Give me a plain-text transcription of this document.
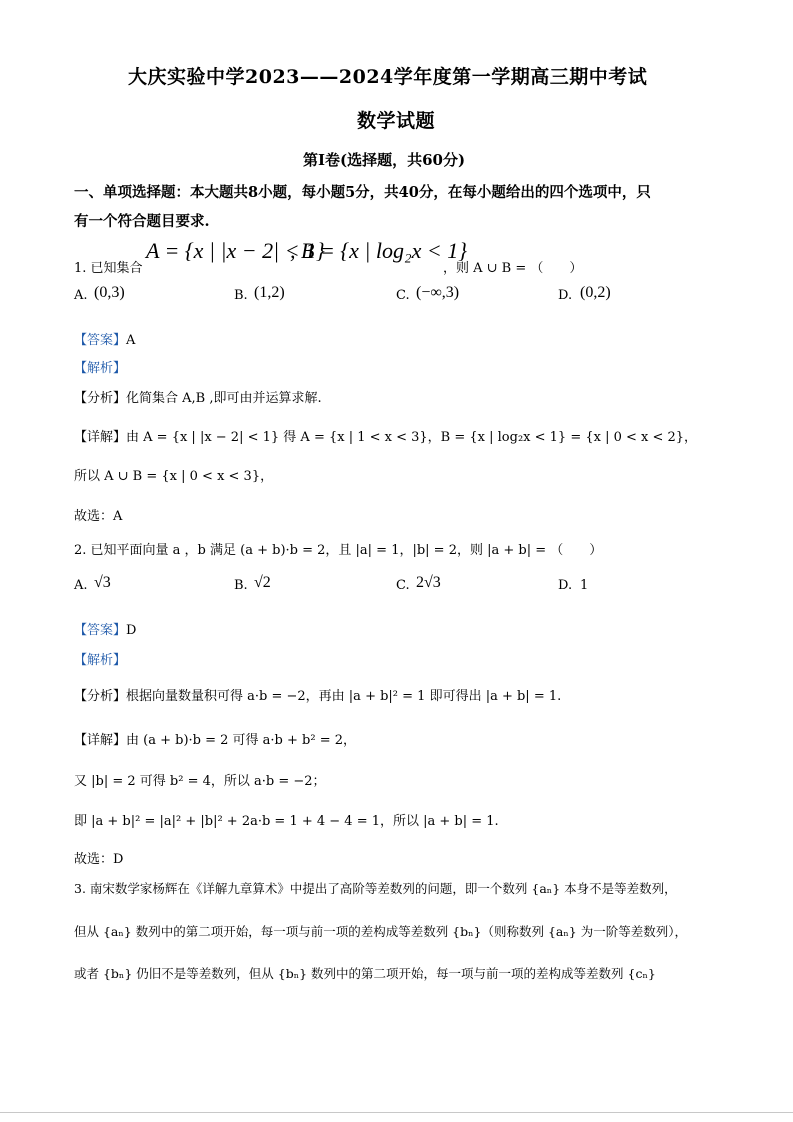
大庆实验中学2023——2024学年度第一学期高三期中考试
数学试题
第Ⅰ卷(选择题，共60分)
一、单项选择题：本大题共8小题，每小题5分，共40分，在每小题给出的四个选项中，只
有一个符合题目要求.
1. 已知集合
A = {x | |x − 2| < 1}
, B = {x | log₂x < 1}
，则 A ∪ B = （　　）
A. (0,3)	B. (1,2)	C. (−∞,3)	D. (0,2)
【答案】A
【解析】
【分析】化简集合 A,B ,即可由并运算求解.
【详解】由 A = {x | |x − 2| < 1} 得 A = {x | 1 < x < 3}，B = {x | log₂x < 1} = {x | 0 < x < 2}，
所以 A ∪ B = {x | 0 < x < 3}，
故选：A
2. 已知平面向量 a ，b 满足 (a + b)·b = 2，且 |a| = 1，|b| = 2，则 |a + b| = （　　）
A. √3	B. √2	C. 2√3	D. 1
【答案】D
【解析】
【分析】根据向量数量积可得 a·b = −2，再由 |a + b|² = 1 即可得出 |a + b| = 1.
【详解】由 (a + b)·b = 2 可得 a·b + b² = 2，
又 |b| = 2 可得 b² = 4，所以 a·b = −2；
即 |a + b|² = |a|² + |b|² + 2a·b = 1 + 4 − 4 = 1，所以 |a + b| = 1.
故选：D
3. 南宋数学家杨辉在《详解九章算术》中提出了高阶等差数列的问题，即一个数列 {aₙ} 本身不是等差数列，
但从 {aₙ} 数列中的第二项开始，每一项与前一项的差构成等差数列 {bₙ}（则称数列 {aₙ} 为一阶等差数列），
或者 {bₙ} 仍旧不是等差数列，但从 {bₙ} 数列中的第二项开始，每一项与前一项的差构成等差数列 {cₙ}
